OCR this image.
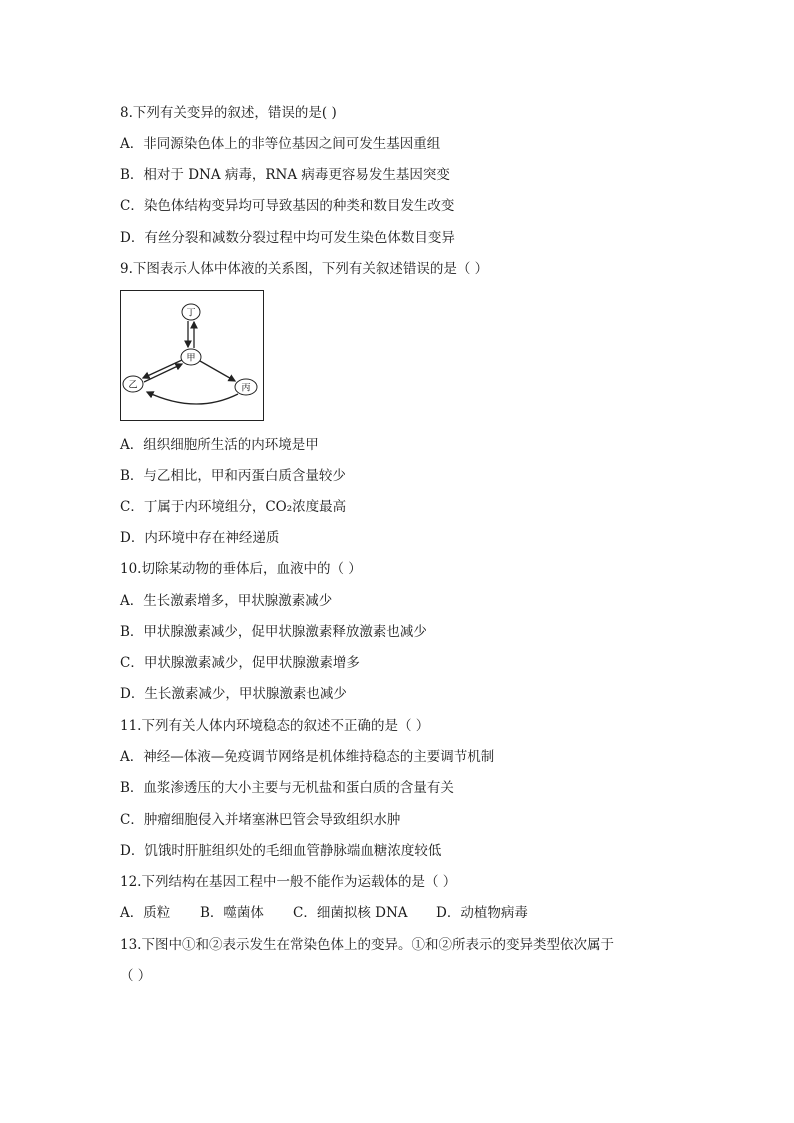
8.下列有关变异的叙述，错误的是( )
A．非同源染色体上的非等位基因之间可发生基因重组
B．相对于 DNA 病毒，RNA 病毒更容易发生基因突变
C．染色体结构变异均可导致基因的种类和数目发生改变
D．有丝分裂和减数分裂过程中均可发生染色体数目变异
9.下图表示人体中体液的关系图，下列有关叙述错误的是（ ）
丁
甲
乙	丙
A．组织细胞所生活的内环境是甲
B．与乙相比，甲和丙蛋白质含量较少
C．丁属于内环境组分，CO₂浓度最高
D．内环境中存在神经递质
10.切除某动物的垂体后，血液中的（ ）
A．生长激素增多，甲状腺激素减少
B．甲状腺激素减少，促甲状腺激素释放激素也减少
C．甲状腺激素减少，促甲状腺激素增多
D．生长激素减少，甲状腺激素也减少
11.下列有关人体内环境稳态的叙述不正确的是（ ）
A．神经—体液—免疫调节网络是机体维持稳态的主要调节机制
B．血浆渗透压的大小主要与无机盐和蛋白质的含量有关
C．肿瘤细胞侵入并堵塞淋巴管会导致组织水肿
D．饥饿时肝脏组织处的毛细血管静脉端血糖浓度较低
12.下列结构在基因工程中一般不能作为运载体的是（ ）
A．质粒 B．噬菌体 C．细菌拟核 DNA D．动植物病毒
13.下图中①和②表示发生在常染色体上的变异。①和②所表示的变异类型依次属于
（ ）
